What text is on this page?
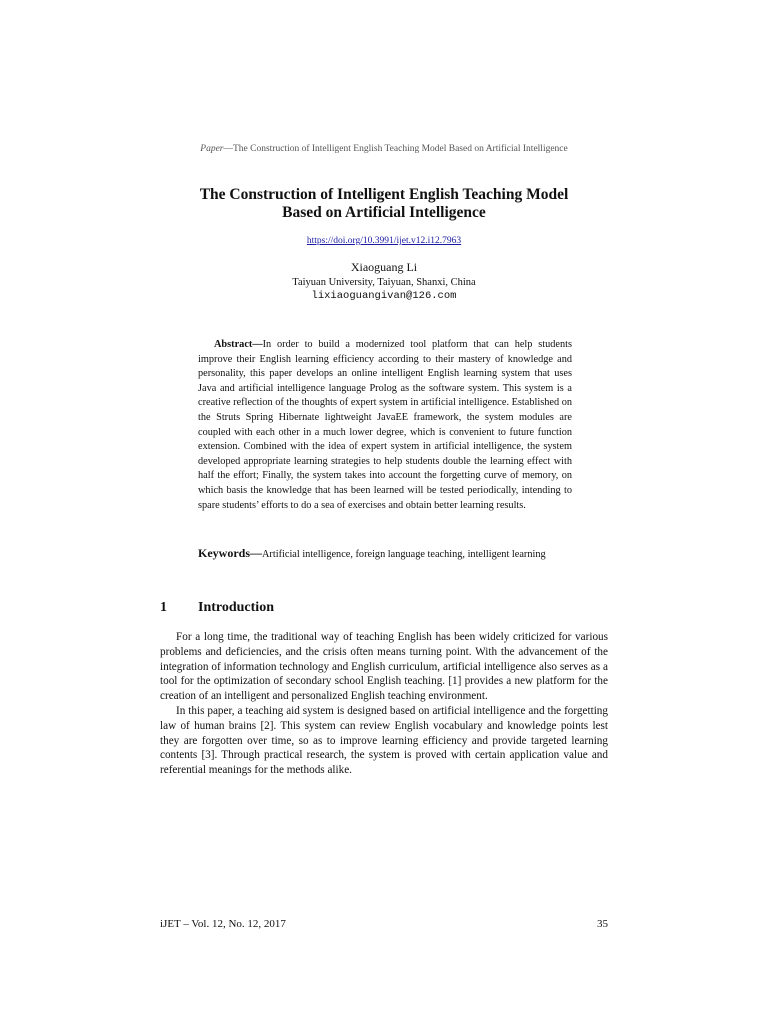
Paper—The Construction of Intelligent English Teaching Model Based on Artificial Intelligence
The Construction of Intelligent English Teaching Model
Based on Artificial Intelligence
https://doi.org/10.3991/ijet.v12.i12.7963
Xiaoguang Li
Taiyuan University, Taiyuan, Shanxi, China
lixiaoguangivan@126.com

Abstract—In order to build a modernized tool platform that can help students improve their English learning efficiency according to their mastery of knowledge and personality, this paper develops an online intelligent English learning system that uses Java and artificial intelligence language Prolog as the software system. This system is a creative reflection of the thoughts of expert system in artificial intelligence. Established on the Struts Spring Hibernate lightweight JavaEE framework, the system modules are coupled with each other in a much lower degree, which is convenient to future function extension. Combined with the idea of expert system in artificial intelligence, the system developed appropriate learning strategies to help students double the learning effect with half the effort; Finally, the system takes into account the forgetting curve of memory, on which basis the knowledge that has been learned will be tested periodically, intending to spare students’ efforts to do a sea of exercises and obtain better learning results.

Keywords—Artificial intelligence, foreign language teaching, intelligent learning

1	Introduction

For a long time, the traditional way of teaching English has been widely criticized for various problems and deficiencies, and the crisis often means turning point. With the advancement of the integration of information technology and English curriculum, artificial intelligence also serves as a tool for the optimization of secondary school English teaching. [1] provides a new platform for the creation of an intelligent and personalized English teaching environment.

In this paper, a teaching aid system is designed based on artificial intelligence and the forgetting law of human brains [2]. This system can review English vocabulary and knowledge points lest they are forgotten over time, so as to improve learning efficiency and provide targeted learning contents [3]. Through practical research, the system is proved with certain application value and referential meanings for the methods alike.

iJET – Vol. 12, No. 12, 2017	35
